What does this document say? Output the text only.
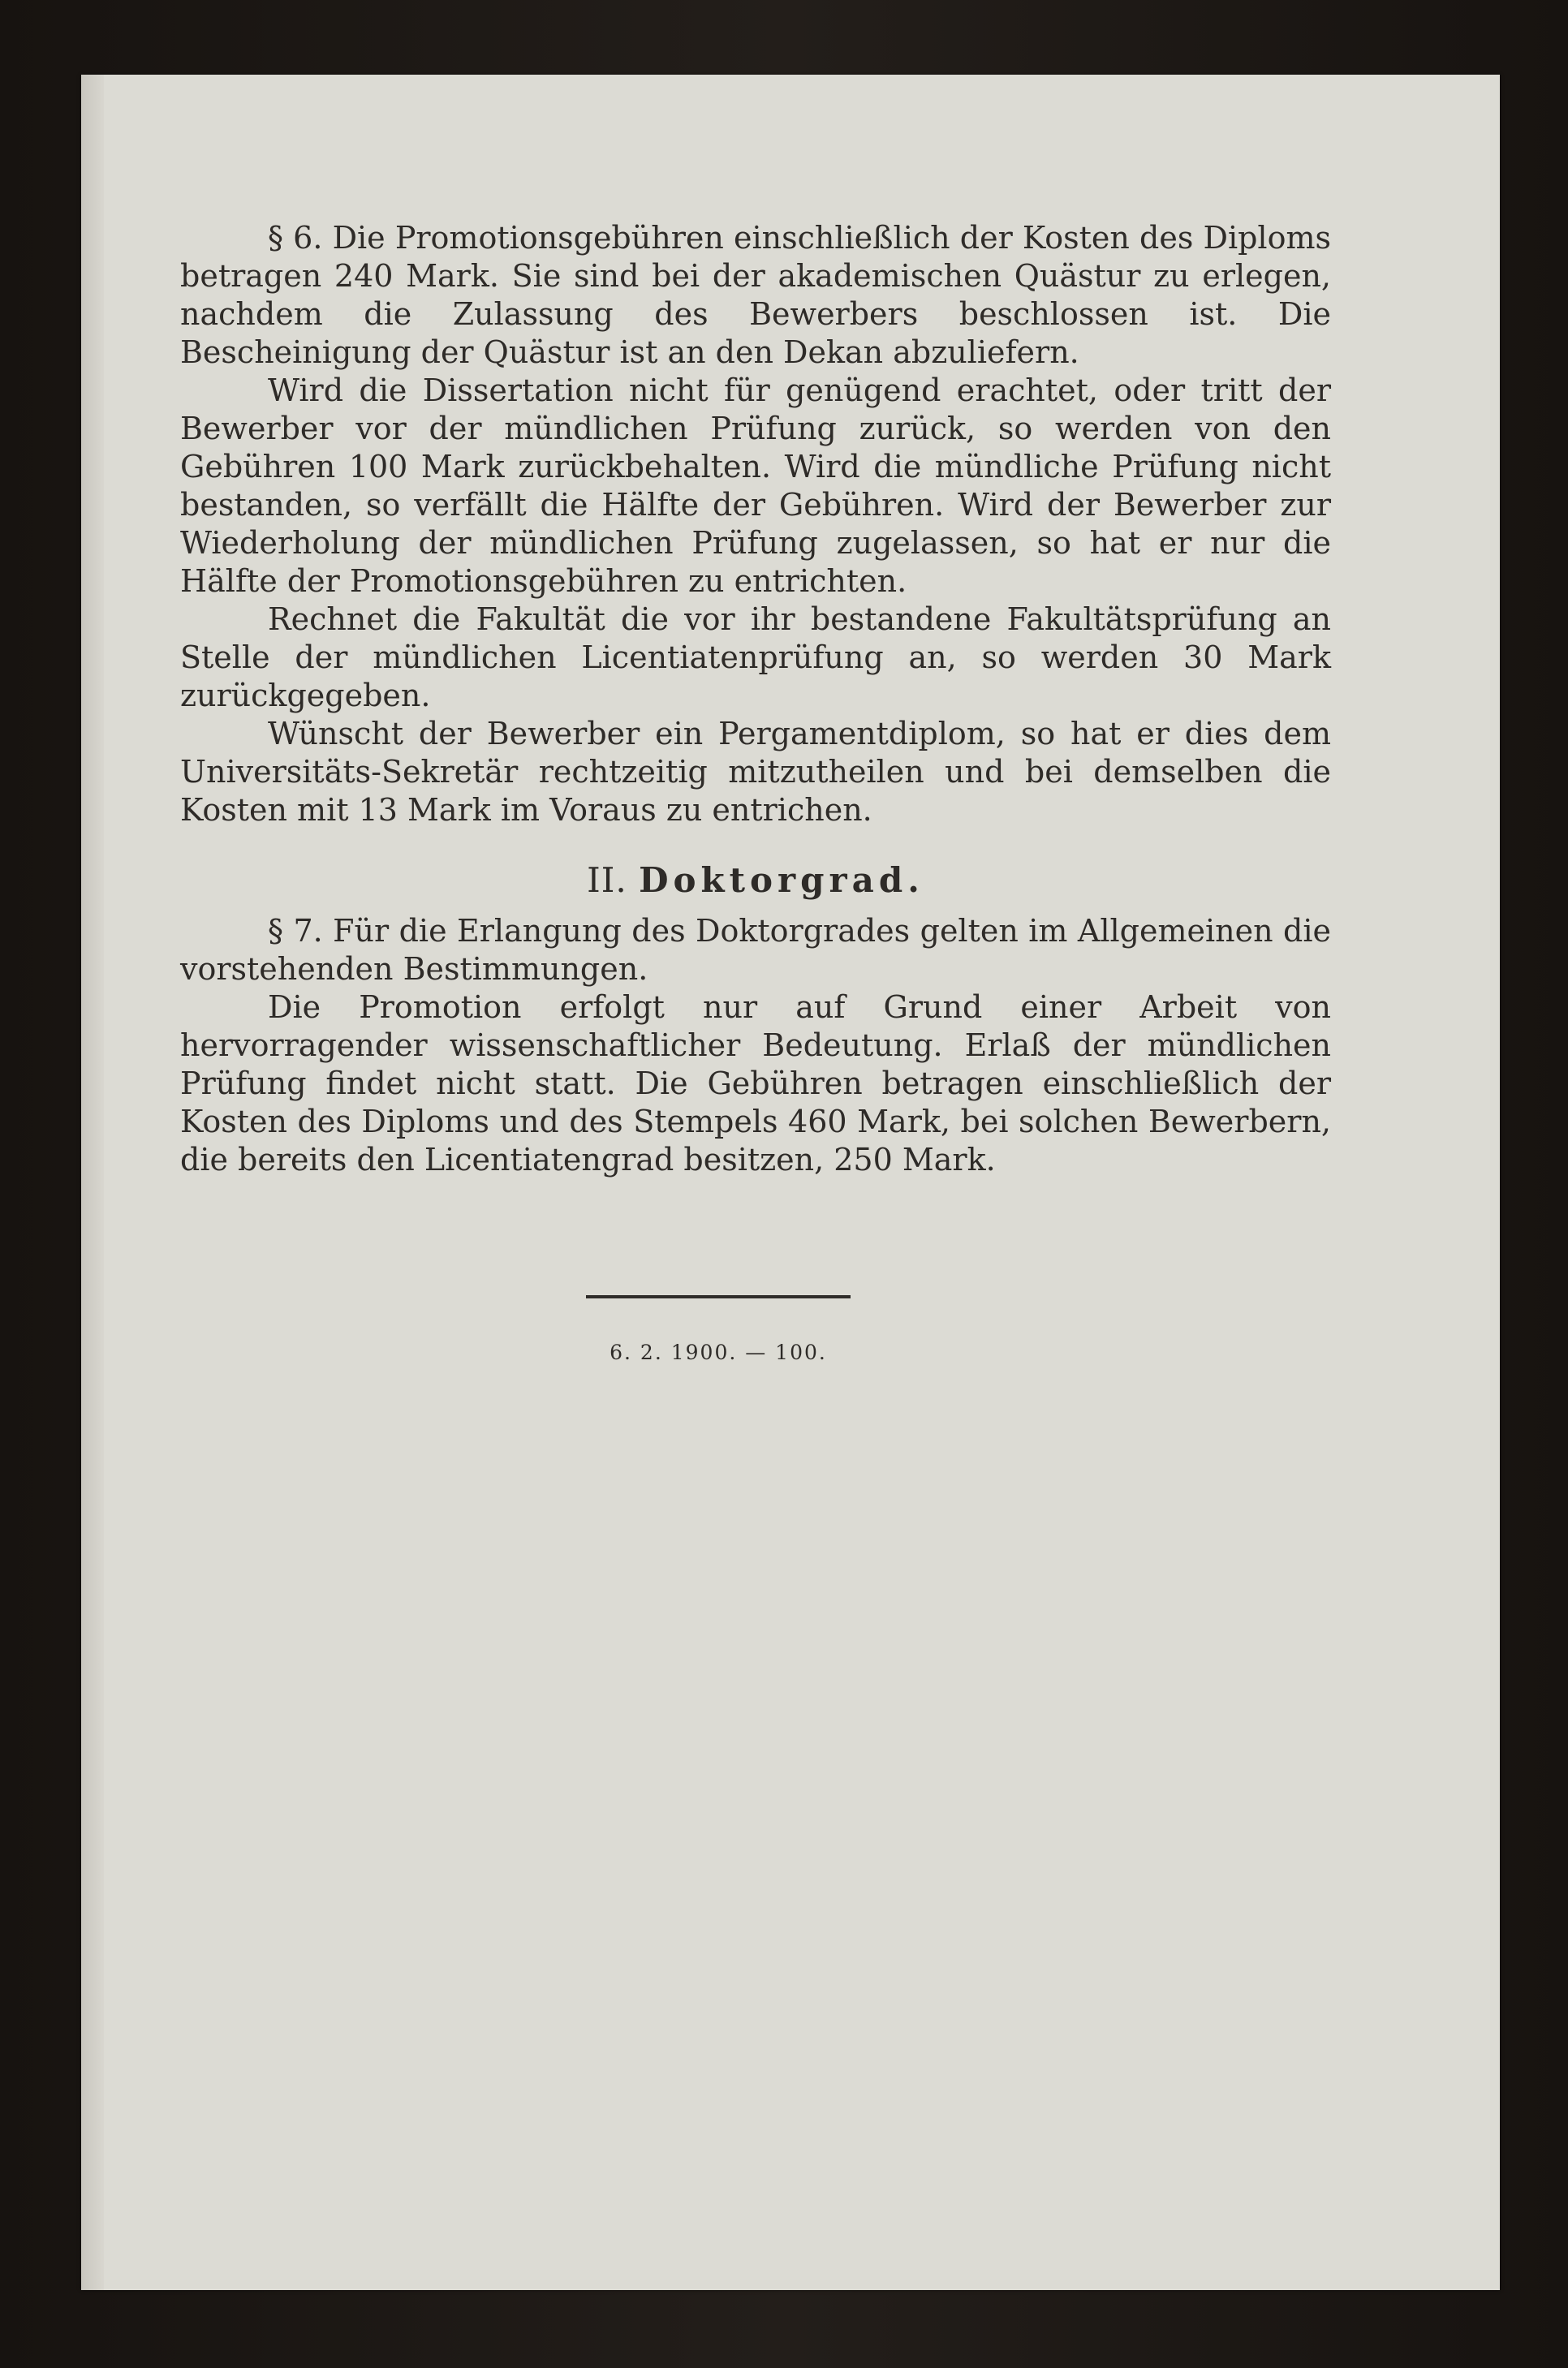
§ 6. Die Promotionsgebühren einschließlich der Kosten des Diploms betragen 240 Mark. Sie sind bei der akademischen Quästur zu erlegen, nachdem die Zulassung des Bewerbers beschlossen ist. Die Bescheinigung der Quästur ist an den Dekan abzuliefern.

Wird die Dissertation nicht für genügend erachtet, oder tritt der Bewerber vor der mündlichen Prüfung zurück, so werden von den Gebühren 100 Mark zurückbehalten. Wird die mündliche Prüfung nicht bestanden, so verfällt die Hälfte der Gebühren. Wird der Bewerber zur Wiederholung der mündlichen Prüfung zugelassen, so hat er nur die Hälfte der Promotionsgebühren zu entrichten.

Rechnet die Fakultät die vor ihr bestandene Fakultätsprüfung an Stelle der mündlichen Licentiatenprüfung an, so werden 30 Mark zurückgegeben.

Wünscht der Bewerber ein Pergamentdiplom, so hat er dies dem Universitäts-Sekretär rechtzeitig mitzutheilen und bei demselben die Kosten mit 13 Mark im Voraus zu entrichen.

II. Doktorgrad.

§ 7. Für die Erlangung des Doktorgrades gelten im Allgemeinen die vorstehenden Bestimmungen.

Die Promotion erfolgt nur auf Grund einer Arbeit von hervorragender wissenschaftlicher Bedeutung. Erlaß der mündlichen Prüfung findet nicht statt. Die Gebühren betragen einschließlich der Kosten des Diploms und des Stempels 460 Mark, bei solchen Bewerbern, die bereits den Licentiatengrad besitzen, 250 Mark.

6. 2. 1900. — 100.
